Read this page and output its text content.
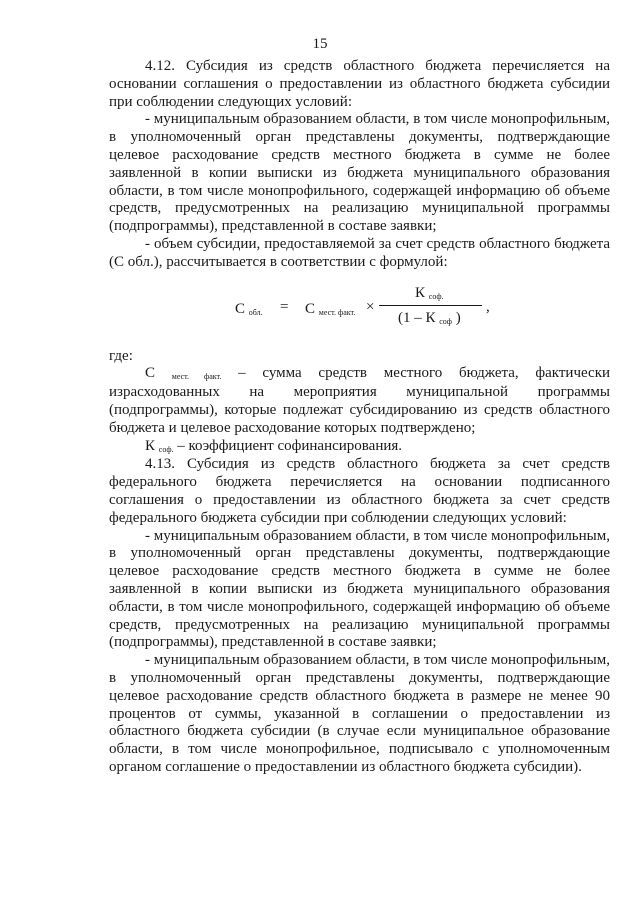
15

4.12. Субсидия из средств областного бюджета перечисляется на основании соглашения о предоставлении из областного бюджета субсидии при соблюдении следующих условий:

- муниципальным образованием области, в том числе монопрофильным, в уполномоченный орган представлены документы, подтверждающие целевое расходование средств местного бюджета в сумме не более заявленной в копии выписки из бюджета муниципального образования области, в том числе монопрофильного, содержащей информацию об объеме средств, предусмотренных на реализацию муниципальной программы (подпрограммы), представленной в составе заявки;

- объем субсидии, предоставляемой за счет средств областного бюджета (С обл.), рассчитывается в соответствии с формулой:

С обл. = С мест. факт. ×
К соф.
(1 – К соф )
,

где:

С мест. факт. – сумма средств местного бюджета, фактически израсходованных на мероприятия муниципальной программы (подпрограммы), которые подлежат субсидированию из средств областного бюджета и целевое расходование которых подтверждено;

К соф. – коэффициент софинансирования.

4.13. Субсидия из средств областного бюджета за счет средств федерального бюджета перечисляется на основании подписанного соглашения о предоставлении из областного бюджета за счет средств федерального бюджета субсидии при соблюдении следующих условий:

- муниципальным образованием области, в том числе монопрофильным, в уполномоченный орган представлены документы, подтверждающие целевое расходование средств местного бюджета в сумме не более заявленной в копии выписки из бюджета муниципального образования области, в том числе монопрофильного, содержащей информацию об объеме средств, предусмотренных на реализацию муниципальной программы (подпрограммы), представленной в составе заявки;

- муниципальным образованием области, в том числе монопрофильным, в уполномоченный орган представлены документы, подтверждающие целевое расходование средств областного бюджета в размере не менее 90 процентов от суммы, указанной в соглашении о предоставлении из областного бюджета субсидии (в случае если муниципальное образование области, в том числе монопрофильное, подписывало с уполномоченным органом соглашение о предоставлении из областного бюджета субсидии).
